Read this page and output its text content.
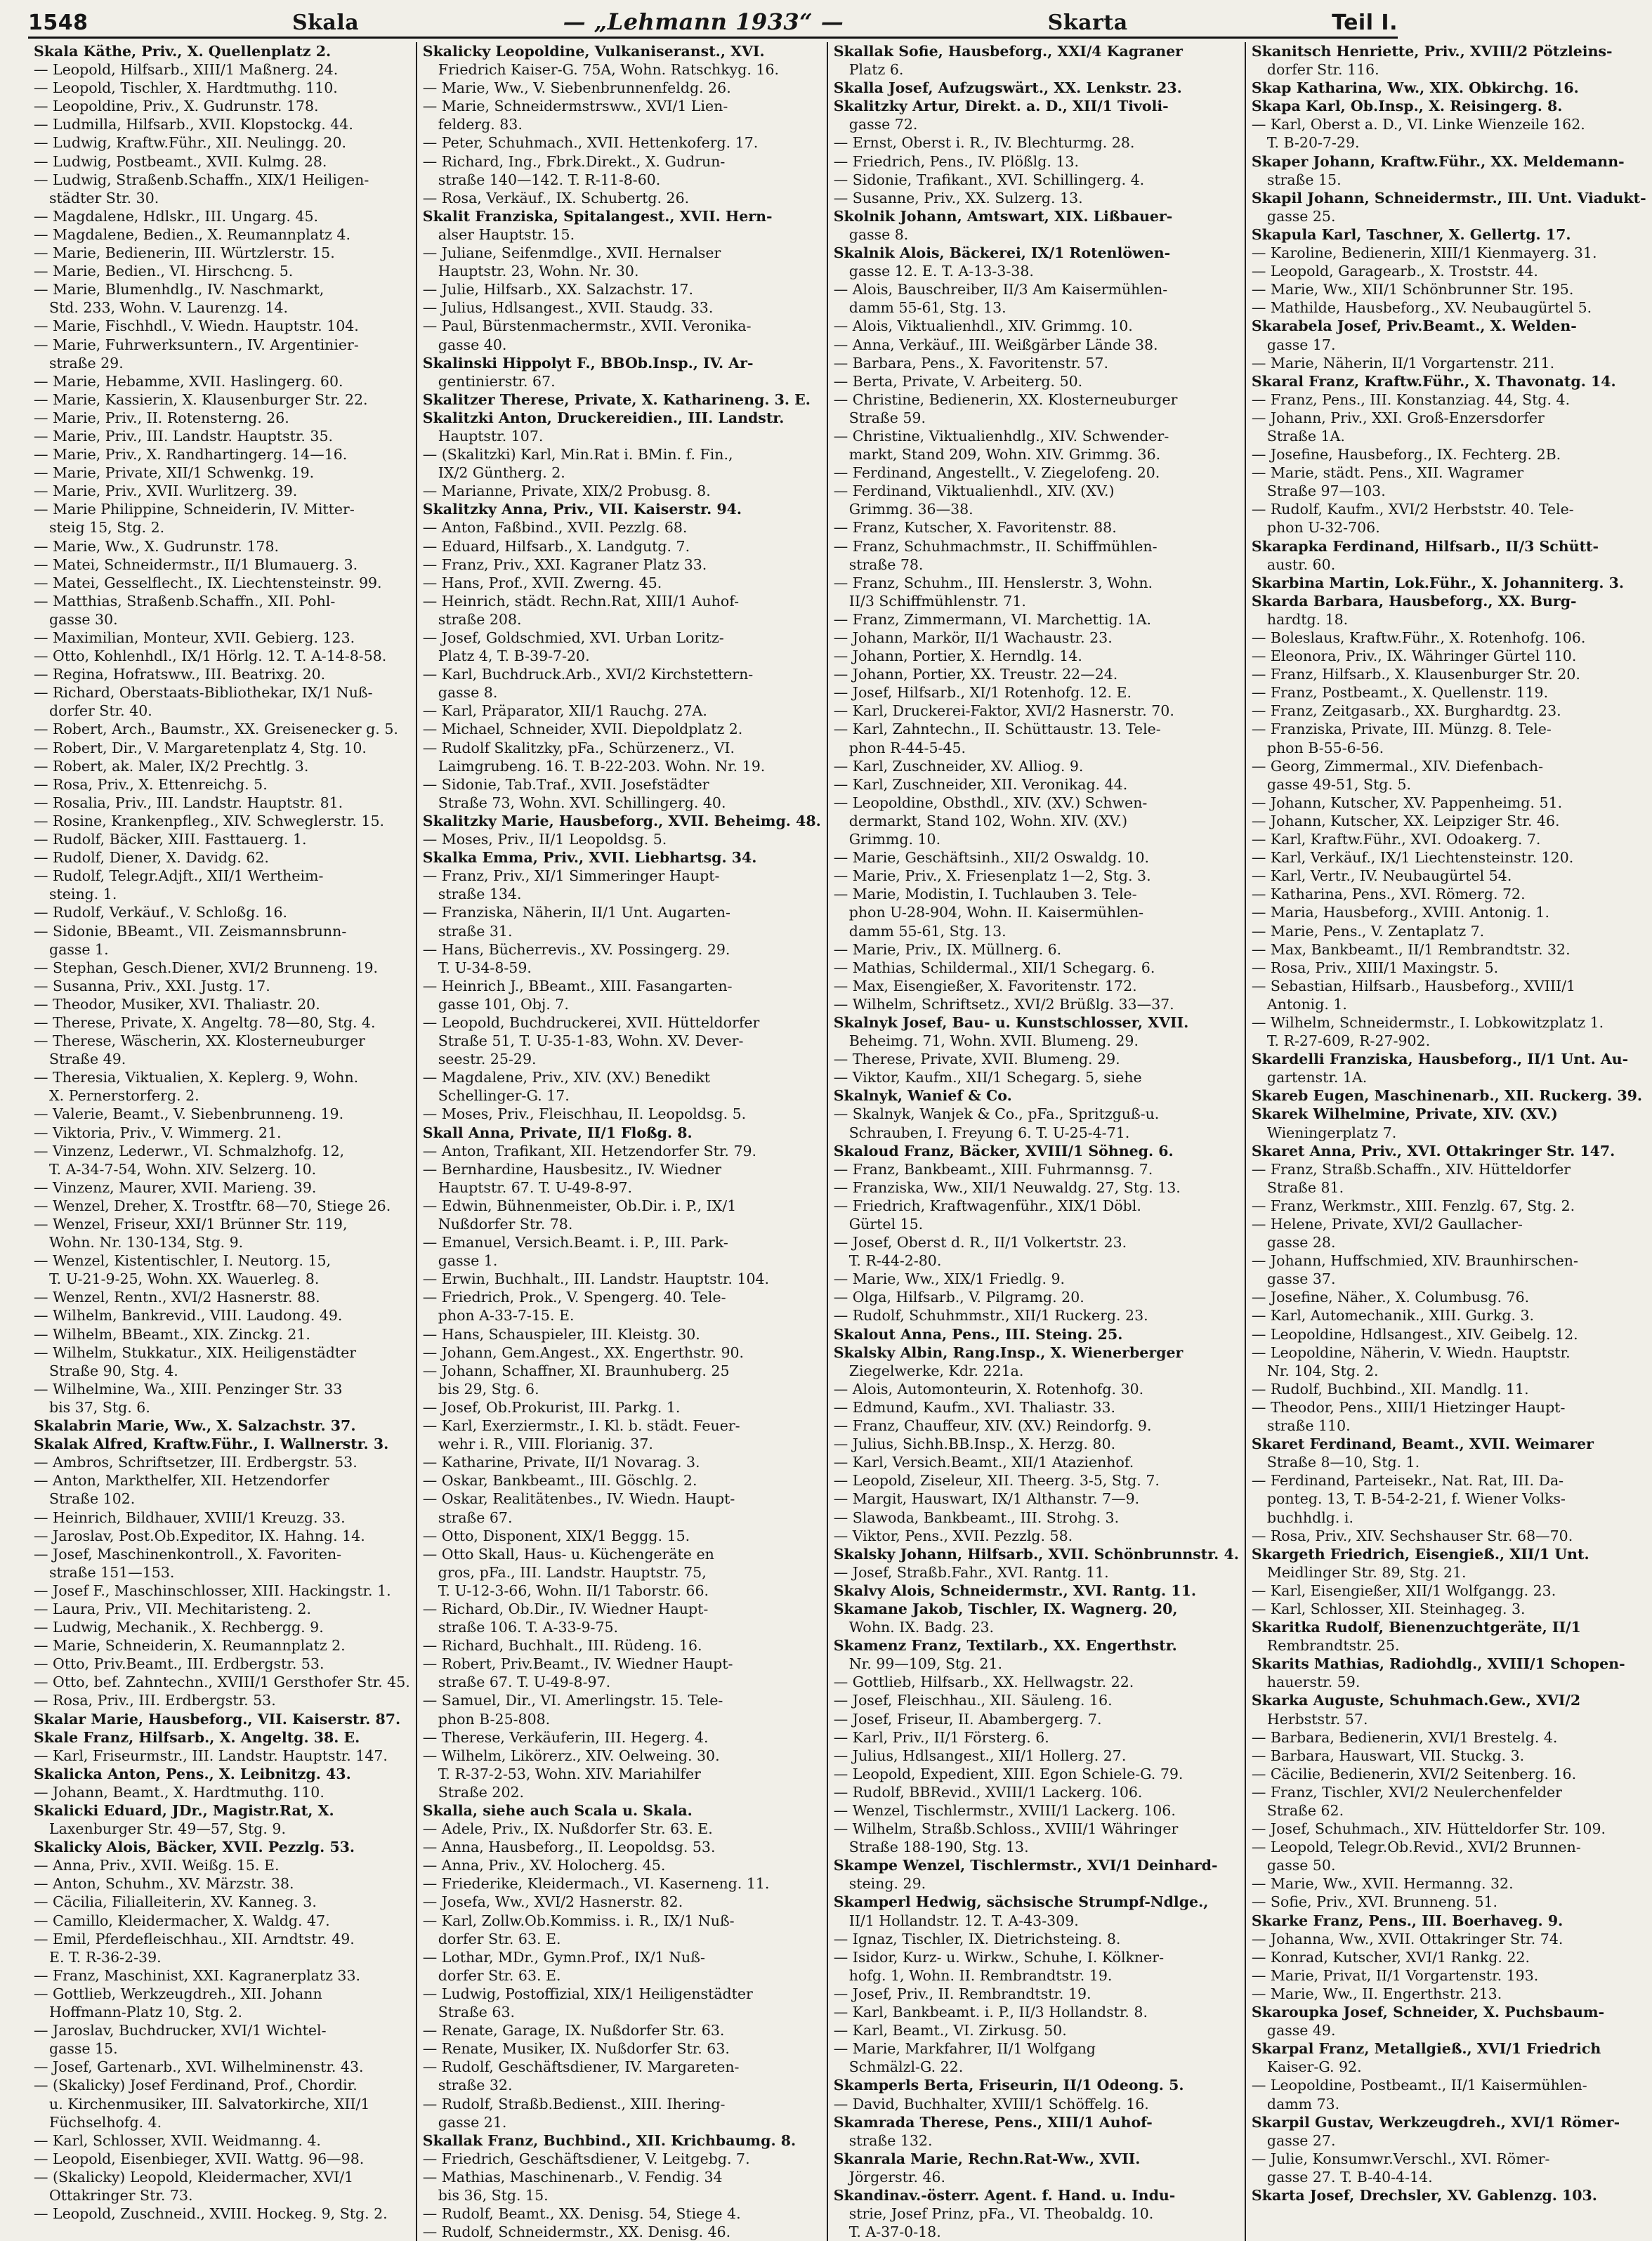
1548	Skala	— „Lehmann 1933“ —	Skarta	Teil I.
Skala Käthe, Priv., X. Quellenplatz 2.
— Leopold, Hilfsarb., XIII/1 Maßnerg. 24.
— Leopold, Tischler, X. Hardtmuthg. 110.
— Leopoldine, Priv., X. Gudrunstr. 178.
— Ludmilla, Hilfsarb., XVII. Klopstockg. 44.
— Ludwig, Kraftw.Führ., XII. Neulingg. 20.
— Ludwig, Postbeamt., XVII. Kulmg. 28.
— Ludwig, Straßenb.Schaffn., XIX/1 Heiligen-
städter Str. 30.
— Magdalene, Hdlskr., III. Ungarg. 45.
— Magdalene, Bedien., X. Reumannplatz 4.
— Marie, Bedienerin, III. Würtzlerstr. 15.
— Marie, Bedien., VI. Hirschcng. 5.
— Marie, Blumenhdlg., IV. Naschmarkt,
Std. 233, Wohn. V. Laurenzg. 14.
— Marie, Fischhdl., V. Wiedn. Hauptstr. 104.
— Marie, Fuhrwerksuntern., IV. Argentinier-
straße 29.
— Marie, Hebamme, XVII. Haslingerg. 60.
— Marie, Kassierin, X. Klausenburger Str. 22.
— Marie, Priv., II. Rotensterng. 26.
— Marie, Priv., III. Landstr. Hauptstr. 35.
— Marie, Priv., X. Randhartingerg. 14—16.
— Marie, Private, XII/1 Schwenkg. 19.
— Marie, Priv., XVII. Wurlitzerg. 39.
— Marie Philippine, Schneiderin, IV. Mitter-
steig 15, Stg. 2.
— Marie, Ww., X. Gudrunstr. 178.
— Matei, Schneidermstr., II/1 Blumauerg. 3.
— Matei, Gesselflecht., IX. Liechtensteinstr. 99.
— Matthias, Straßenb.Schaffn., XII. Pohl-
gasse 30.
— Maximilian, Monteur, XVII. Gebierg. 123.
— Otto, Kohlenhdl., IX/1 Hörlg. 12. T. A-14-8-58.
— Regina, Hofratsww., III. Beatrixg. 20.
— Richard, Oberstaats-Bibliothekar, IX/1 Nuß-
dorfer Str. 40.
— Robert, Arch., Baumstr., XX. Greisenecker g. 5.
— Robert, Dir., V. Margaretenplatz 4, Stg. 10.
— Robert, ak. Maler, IX/2 Prechtlg. 3.
— Rosa, Priv., X. Ettenreichg. 5.
— Rosalia, Priv., III. Landstr. Hauptstr. 81.
— Rosine, Krankenpfleg., XIV. Schweglerstr. 15.
— Rudolf, Bäcker, XIII. Fasttauerg. 1.
— Rudolf, Diener, X. Davidg. 62.
— Rudolf, Telegr.Adjft., XII/1 Wertheim-
steing. 1.
— Rudolf, Verkäuf., V. Schloßg. 16.
— Sidonie, BBeamt., VII. Zeismannsbrunn-
gasse 1.
— Stephan, Gesch.Diener, XVI/2 Brunneng. 19.
— Susanna, Priv., XXI. Justg. 17.
— Theodor, Musiker, XVI. Thaliastr. 20.
— Therese, Private, X. Angeltg. 78—80, Stg. 4.
— Therese, Wäscherin, XX. Klosterneuburger
Straße 49.
— Theresia, Viktualien, X. Keplerg. 9, Wohn.
X. Pernerstorferg. 2.
— Valerie, Beamt., V. Siebenbrunneng. 19.
— Viktoria, Priv., V. Wimmerg. 21.
— Vinzenz, Lederwr., VI. Schmalzhofg. 12,
T. A-34-7-54, Wohn. XIV. Selzerg. 10.
— Vinzenz, Maurer, XVII. Marieng. 39.
— Wenzel, Dreher, X. Trostftr. 68—70, Stiege 26.
— Wenzel, Friseur, XXI/1 Brünner Str. 119,
Wohn. Nr. 130-134, Stg. 9.
— Wenzel, Kistentischler, I. Neutorg. 15,
T. U-21-9-25, Wohn. XX. Wauerleg. 8.
— Wenzel, Rentn., XVI/2 Hasnerstr. 88.
— Wilhelm, Bankrevid., VIII. Laudong. 49.
— Wilhelm, BBeamt., XIX. Zinckg. 21.
— Wilhelm, Stukkatur., XIX. Heiligenstädter
Straße 90, Stg. 4.
— Wilhelmine, Wa., XIII. Penzinger Str. 33
bis 37, Stg. 6.
Skalabrin Marie, Ww., X. Salzachstr. 37.
Skalak Alfred, Kraftw.Führ., I. Wallnerstr. 3.
— Ambros, Schriftsetzer, III. Erdbergstr. 53.
— Anton, Markthelfer, XII. Hetzendorfer
Straße 102.
— Heinrich, Bildhauer, XVIII/1 Kreuzg. 33.
— Jaroslav, Post.Ob.Expeditor, IX. Hahng. 14.
— Josef, Maschinenkontroll., X. Favoriten-
straße 151—153.
— Josef F., Maschinschlosser, XIII. Hackingstr. 1.
— Laura, Priv., VII. Mechitaristeng. 2.
— Ludwig, Mechanik., X. Rechbergg. 9.
— Marie, Schneiderin, X. Reumannplatz 2.
— Otto, Priv.Beamt., III. Erdbergstr. 53.
— Otto, bef. Zahntechn., XVIII/1 Gersthofer Str. 45.
— Rosa, Priv., III. Erdbergstr. 53.
Skalar Marie, Hausbeforg., VII. Kaiserstr. 87.
Skale Franz, Hilfsarb., X. Angeltg. 38. E.
— Karl, Friseurmstr., III. Landstr. Hauptstr. 147.
Skalicka Anton, Pens., X. Leibnitzg. 43.
— Johann, Beamt., X. Hardtmuthg. 110.
Skalicki Eduard, JDr., Magistr.Rat, X.
Laxenburger Str. 49—57, Stg. 9.
Skalicky Alois, Bäcker, XVII. Pezzlg. 53.
— Anna, Priv., XVII. Weißg. 15. E.
— Anton, Schuhm., XV. Märzstr. 38.
— Cäcilia, Filialleiterin, XV. Kanneg. 3.
— Camillo, Kleidermacher, X. Waldg. 47.
— Emil, Pferdefleischhau., XII. Arndtstr. 49.
E. T. R-36-2-39.
— Franz, Maschinist, XXI. Kagranerplatz 33.
— Gottlieb, Werkzeugdreh., XII. Johann
Hoffmann-Platz 10, Stg. 2.
— Jaroslav, Buchdrucker, XVI/1 Wichtel-
gasse 15.
— Josef, Gartenarb., XVI. Wilhelminenstr. 43.
— (Skalicky) Josef Ferdinand, Prof., Chordir.
u. Kirchenmusiker, III. Salvatorkirche, XII/1
Füchselhofg. 4.
— Karl, Schlosser, XVII. Weidmanng. 4.
— Leopold, Eisenbieger, XVII. Wattg. 96—98.
— (Skalicky) Leopold, Kleidermacher, XVI/1
Ottakringer Str. 73.
— Leopold, Zuschneid., XVIII. Hockeg. 9, Stg. 2.
Skalicky Leopoldine, Vulkaniseranst., XVI.
Friedrich Kaiser-G. 75A, Wohn. Ratschkyg. 16.
— Marie, Ww., V. Siebenbrunnenfeldg. 26.
— Marie, Schneidermstrsww., XVI/1 Lien-
felderg. 83.
— Peter, Schuhmach., XVII. Hettenkoferg. 17.
— Richard, Ing., Fbrk.Direkt., X. Gudrun-
straße 140—142. T. R-11-8-60.
— Rosa, Verkäuf., IX. Schubertg. 26.
Skalit Franziska, Spitalangest., XVII. Hern-
alser Hauptstr. 15.
— Juliane, Seifenmdlge., XVII. Hernalser
Hauptstr. 23, Wohn. Nr. 30.
— Julie, Hilfsarb., XX. Salzachstr. 17.
— Julius, Hdlsangest., XVII. Staudg. 33.
— Paul, Bürstenmachermstr., XVII. Veronika-
gasse 40.
Skalinski Hippolyt F., BBOb.Insp., IV. Ar-
gentinierstr. 67.
Skalitzer Therese, Private, X. Katharineng. 3. E.
Skalitzki Anton, Druckereidien., III. Landstr.
Hauptstr. 107.
— (Skalitzki) Karl, Min.Rat i. BMin. f. Fin.,
IX/2 Güntherg. 2.
— Marianne, Private, XIX/2 Probusg. 8.
Skalitzky Anna, Priv., VII. Kaiserstr. 94.
— Anton, Faßbind., XVII. Pezzlg. 68.
— Eduard, Hilfsarb., X. Landgutg. 7.
— Franz, Priv., XXI. Kagraner Platz 33.
— Hans, Prof., XVII. Zwerng. 45.
— Heinrich, städt. Rechn.Rat, XIII/1 Auhof-
straße 208.
— Josef, Goldschmied, XVI. Urban Loritz-
Platz 4, T. B-39-7-20.
— Karl, Buchdruck.Arb., XVI/2 Kirchstettern-
gasse 8.
— Karl, Präparator, XII/1 Rauchg. 27A.
— Michael, Schneider, XVII. Diepoldplatz 2.
— Rudolf Skalitzky, pFa., Schürzenerz., VI.
Laimgrubeng. 16. T. B-22-203. Wohn. Nr. 19.
— Sidonie, Tab.Traf., XVII. Josefstädter
Straße 73, Wohn. XVI. Schillingerg. 40.
Skalitzky Marie, Hausbeforg., XVII. Beheimg. 48.
— Moses, Priv., II/1 Leopoldsg. 5.
Skalka Emma, Priv., XVII. Liebhartsg. 34.
— Franz, Priv., XI/1 Simmeringer Haupt-
straße 134.
— Franziska, Näherin, II/1 Unt. Augarten-
straße 31.
— Hans, Bücherrevis., XV. Possingerg. 29.
T. U-34-8-59.
— Heinrich J., BBeamt., XIII. Fasangarten-
gasse 101, Obj. 7.
— Leopold, Buchdruckerei, XVII. Hütteldorfer
Straße 51, T. U-35-1-83, Wohn. XV. Dever-
seestr. 25-29.
— Magdalene, Priv., XIV. (XV.) Benedikt
Schellinger-G. 17.
— Moses, Priv., Fleischhau, II. Leopoldsg. 5.
Skall Anna, Private, II/1 Floßg. 8.
— Anton, Trafikant, XII. Hetzendorfer Str. 79.
— Bernhardine, Hausbesitz., IV. Wiedner
Hauptstr. 67. T. U-49-8-97.
— Edwin, Bühnenmeister, Ob.Dir. i. P., IX/1
Nußdorfer Str. 78.
— Emanuel, Versich.Beamt. i. P., III. Park-
gasse 1.
— Erwin, Buchhalt., III. Landstr. Hauptstr. 104.
— Friedrich, Prok., V. Spengerg. 40. Tele-
phon A-33-7-15. E.
— Hans, Schauspieler, III. Kleistg. 30.
— Johann, Gem.Angest., XX. Engerthstr. 90.
— Johann, Schaffner, XI. Braunhuberg. 25
bis 29, Stg. 6.
— Josef, Ob.Prokurist, III. Parkg. 1.
— Karl, Exerziermstr., I. Kl. b. städt. Feuer-
wehr i. R., VIII. Florianig. 37.
— Katharine, Private, II/1 Novarag. 3.
— Oskar, Bankbeamt., III. Göschlg. 2.
— Oskar, Realitätenbes., IV. Wiedn. Haupt-
straße 67.
— Otto, Disponent, XIX/1 Beggg. 15.
— Otto Skall, Haus- u. Küchengeräte en
gros, pFa., III. Landstr. Hauptstr. 75,
T. U-12-3-66, Wohn. II/1 Taborstr. 66.
— Richard, Ob.Dir., IV. Wiedner Haupt-
straße 106. T. A-33-9-75.
— Richard, Buchhalt., III. Rüdeng. 16.
— Robert, Priv.Beamt., IV. Wiedner Haupt-
straße 67. T. U-49-8-97.
— Samuel, Dir., VI. Amerlingstr. 15. Tele-
phon B-25-808.
— Therese, Verkäuferin, III. Hegerg. 4.
— Wilhelm, Likörerz., XIV. Oelweing. 30.
T. R-37-2-53, Wohn. XIV. Mariahilfer
Straße 202.
Skalla, siehe auch Scala u. Skala.
— Adele, Priv., IX. Nußdorfer Str. 63. E.
— Anna, Hausbeforg., II. Leopoldsg. 53.
— Anna, Priv., XV. Holocherg. 45.
— Friederike, Kleidermach., VI. Kaserneng. 11.
— Josefa, Ww., XVI/2 Hasnerstr. 82.
— Karl, Zollw.Ob.Kommiss. i. R., IX/1 Nuß-
dorfer Str. 63. E.
— Lothar, MDr., Gymn.Prof., IX/1 Nuß-
dorfer Str. 63. E.
— Ludwig, Postoffizial, XIX/1 Heiligenstädter
Straße 63.
— Renate, Garage, IX. Nußdorfer Str. 63.
— Renate, Musiker, IX. Nußdorfer Str. 63.
— Rudolf, Geschäftsdiener, IV. Margareten-
straße 32.
— Rudolf, Straßb.Bedienst., XIII. Ihering-
gasse 21.
Skallak Franz, Buchbind., XII. Krichbaumg. 8.
— Friedrich, Geschäftsdiener, V. Leitgebg. 7.
— Mathias, Maschinenarb., V. Fendig. 34
bis 36, Stg. 15.
— Rudolf, Beamt., XX. Denisg. 54, Stiege 4.
— Rudolf, Schneidermstr., XX. Denisg. 46.
Skallak Sofie, Hausbeforg., XXI/4 Kagraner
Platz 6.
Skalla Josef, Aufzugswärt., XX. Lenkstr. 23.
Skalitzky Artur, Direkt. a. D., XII/1 Tivoli-
gasse 72.
— Ernst, Oberst i. R., IV. Blechturmg. 28.
— Friedrich, Pens., IV. Plößlg. 13.
— Sidonie, Trafikant., XVI. Schillingerg. 4.
— Susanne, Priv., XX. Sulzerg. 13.
Skolnik Johann, Amtswart, XIX. Lißbauer-
gasse 8.
Skalnik Alois, Bäckerei, IX/1 Rotenlöwen-
gasse 12. E. T. A-13-3-38.
— Alois, Bauschreiber, II/3 Am Kaisermühlen-
damm 55-61, Stg. 13.
— Alois, Viktualienhdl., XIV. Grimmg. 10.
— Anna, Verkäuf., III. Weißgärber Lände 38.
— Barbara, Pens., X. Favoritenstr. 57.
— Berta, Private, V. Arbeiterg. 50.
— Christine, Bedienerin, XX. Klosterneuburger
Straße 59.
— Christine, Viktualienhdlg., XIV. Schwender-
markt, Stand 209, Wohn. XIV. Grimmg. 36.
— Ferdinand, Angestellt., V. Ziegelofeng. 20.
— Ferdinand, Viktualienhdl., XIV. (XV.)
Grimmg. 36—38.
— Franz, Kutscher, X. Favoritenstr. 88.
— Franz, Schuhmachmstr., II. Schiffmühlen-
straße 78.
— Franz, Schuhm., III. Henslerstr. 3, Wohn.
II/3 Schiffmühlenstr. 71.
— Franz, Zimmermann, VI. Marchettig. 1A.
— Johann, Markör, II/1 Wachaustr. 23.
— Johann, Portier, X. Herndlg. 14.
— Johann, Portier, XX. Treustr. 22—24.
— Josef, Hilfsarb., XI/1 Rotenhofg. 12. E.
— Karl, Druckerei-Faktor, XVI/2 Hasnerstr. 70.
— Karl, Zahntechn., II. Schüttaustr. 13. Tele-
phon R-44-5-45.
— Karl, Zuschneider, XV. Alliog. 9.
— Karl, Zuschneider, XII. Veronikag. 44.
— Leopoldine, Obsthdl., XIV. (XV.) Schwen-
dermarkt, Stand 102, Wohn. XIV. (XV.)
Grimmg. 10.
— Marie, Geschäftsinh., XII/2 Oswaldg. 10.
— Marie, Priv., X. Friesenplatz 1—2, Stg. 3.
— Marie, Modistin, I. Tuchlauben 3. Tele-
phon U-28-904, Wohn. II. Kaisermühlen-
damm 55-61, Stg. 13.
— Marie, Priv., IX. Müllnerg. 6.
— Mathias, Schildermal., XII/1 Schegarg. 6.
— Max, Eisengießer, X. Favoritenstr. 172.
— Wilhelm, Schriftsetz., XVI/2 Brüßlg. 33—37.
Skalnyk Josef, Bau- u. Kunstschlosser, XVII.
Beheimg. 71, Wohn. XVII. Blumeng. 29.
— Therese, Private, XVII. Blumeng. 29.
— Viktor, Kaufm., XII/1 Schegarg. 5, siehe
Skalnyk, Wanief & Co.
— Skalnyk, Wanjek & Co., pFa., Spritzguß-u.
Schrauben, I. Freyung 6. T. U-25-4-71.
Skaloud Franz, Bäcker, XVIII/1 Söhneg. 6.
— Franz, Bankbeamt., XIII. Fuhrmannsg. 7.
— Franziska, Ww., XII/1 Neuwaldg. 27, Stg. 13.
— Friedrich, Kraftwagenführ., XIX/1 Döbl.
Gürtel 15.
— Josef, Oberst d. R., II/1 Volkertstr. 23.
T. R-44-2-80.
— Marie, Ww., XIX/1 Friedlg. 9.
— Olga, Hilfsarb., V. Pilgramg. 20.
— Rudolf, Schuhmmstr., XII/1 Ruckerg. 23.
Skalout Anna, Pens., III. Steing. 25.
Skalsky Albin, Rang.Insp., X. Wienerberger
Ziegelwerke, Kdr. 221a.
— Alois, Automonteurin, X. Rotenhofg. 30.
— Edmund, Kaufm., XVI. Thaliastr. 33.
— Franz, Chauffeur, XIV. (XV.) Reindorfg. 9.
— Julius, Sichh.BB.Insp., X. Herzg. 80.
— Karl, Versich.Beamt., XII/1 Atazienhof.
— Leopold, Ziseleur, XII. Theerg. 3-5, Stg. 7.
— Margit, Hauswart, IX/1 Althanstr. 7—9.
— Slawoda, Bankbeamt., III. Strohg. 3.
— Viktor, Pens., XVII. Pezzlg. 58.
Skalsky Johann, Hilfsarb., XVII. Schönbrunnstr. 4.
— Josef, Straßb.Fahr., XVI. Rantg. 11.
Skalvy Alois, Schneidermstr., XVI. Rantg. 11.
Skamane Jakob, Tischler, IX. Wagnerg. 20,
Wohn. IX. Badg. 23.
Skamenz Franz, Textilarb., XX. Engerthstr.
Nr. 99—109, Stg. 21.
— Gottlieb, Hilfsarb., XX. Hellwagstr. 22.
— Josef, Fleischhau., XII. Säuleng. 16.
— Josef, Friseur, II. Abambergerg. 7.
— Karl, Priv., II/1 Försterg. 6.
— Julius, Hdlsangest., XII/1 Hollerg. 27.
— Leopold, Expedient, XIII. Egon Schiele-G. 79.
— Rudolf, BBRevid., XVIII/1 Lackerg. 106.
— Wenzel, Tischlermstr., XVIII/1 Lackerg. 106.
— Wilhelm, Straßb.Schloss., XVIII/1 Währinger
Straße 188-190, Stg. 13.
Skampe Wenzel, Tischlermstr., XVI/1 Deinhard-
steing. 29.
Skamperl Hedwig, sächsische Strumpf-Ndlge.,
II/1 Hollandstr. 12. T. A-43-309.
— Ignaz, Tischler, IX. Dietrichsteing. 8.
— Isidor, Kurz- u. Wirkw., Schuhe, I. Kölkner-
hofg. 1, Wohn. II. Rembrandtstr. 19.
— Josef, Priv., II. Rembrandtstr. 19.
— Karl, Bankbeamt. i. P., II/3 Hollandstr. 8.
— Karl, Beamt., VI. Zirkusg. 50.
— Marie, Markfahrer, II/1 Wolfgang
Schmälzl-G. 22.
Skamperls Berta, Friseurin, II/1 Odeong. 5.
— David, Buchhalter, XVIII/1 Schöffelg. 16.
Skamrada Therese, Pens., XIII/1 Auhof-
straße 132.
Skanrala Marie, Rechn.Rat-Ww., XVII.
Jörgerstr. 46.
Skandinav.-österr. Agent. f. Hand. u. Indu-
strie, Josef Prinz, pFa., VI. Theobaldg. 10.
T. A-37-0-18.
Skanitsch Henriette, Priv., XVIII/2 Pötzleins-
dorfer Str. 116.
Skap Katharina, Ww., XIX. Obkirchg. 16.
Skapa Karl, Ob.Insp., X. Reisingerg. 8.
— Karl, Oberst a. D., VI. Linke Wienzeile 162.
T. B-20-7-29.
Skaper Johann, Kraftw.Führ., XX. Meldemann-
straße 15.
Skapil Johann, Schneidermstr., III. Unt. Viadukt-
gasse 25.
Skapula Karl, Taschner, X. Gellertg. 17.
— Karoline, Bedienerin, XIII/1 Kienmayerg. 31.
— Leopold, Garagearb., X. Troststr. 44.
— Marie, Ww., XII/1 Schönbrunner Str. 195.
— Mathilde, Hausbeforg., XV. Neubaugürtel 5.
Skarabela Josef, Priv.Beamt., X. Welden-
gasse 17.
— Marie, Näherin, II/1 Vorgartenstr. 211.
Skaral Franz, Kraftw.Führ., X. Thavonatg. 14.
— Franz, Pens., III. Konstanziag. 44, Stg. 4.
— Johann, Priv., XXI. Groß-Enzersdorfer
Straße 1A.
— Josefine, Hausbeforg., IX. Fechterg. 2B.
— Marie, städt. Pens., XII. Wagramer
Straße 97—103.
— Rudolf, Kaufm., XVI/2 Herbststr. 40. Tele-
phon U-32-706.
Skarapka Ferdinand, Hilfsarb., II/3 Schütt-
austr. 60.
Skarbina Martin, Lok.Führ., X. Johanniterg. 3.
Skarda Barbara, Hausbeforg., XX. Burg-
hardtg. 18.
— Boleslaus, Kraftw.Führ., X. Rotenhofg. 106.
— Eleonora, Priv., IX. Währinger Gürtel 110.
— Franz, Hilfsarb., X. Klausenburger Str. 20.
— Franz, Postbeamt., X. Quellenstr. 119.
— Franz, Zeitgasarb., XX. Burghardtg. 23.
— Franziska, Private, III. Münzg. 8. Tele-
phon B-55-6-56.
— Georg, Zimmermal., XIV. Diefenbach-
gasse 49-51, Stg. 5.
— Johann, Kutscher, XV. Pappenheimg. 51.
— Johann, Kutscher, XX. Leipziger Str. 46.
— Karl, Kraftw.Führ., XVI. Odoakerg. 7.
— Karl, Verkäuf., IX/1 Liechtensteinstr. 120.
— Karl, Vertr., IV. Neubaugürtel 54.
— Katharina, Pens., XVI. Römerg. 72.
— Maria, Hausbeforg., XVIII. Antonig. 1.
— Marie, Pens., V. Zentaplatz 7.
— Max, Bankbeamt., II/1 Rembrandtstr. 32.
— Rosa, Priv., XIII/1 Maxingstr. 5.
— Sebastian, Hilfsarb., Hausbeforg., XVIII/1
Antonig. 1.
— Wilhelm, Schneidermstr., I. Lobkowitzplatz 1.
T. R-27-609, R-27-902.
Skardelli Franziska, Hausbeforg., II/1 Unt. Au-
gartenstr. 1A.
Skareb Eugen, Maschinenarb., XII. Ruckerg. 39.
Skarek Wilhelmine, Private, XIV. (XV.)
Wieningerplatz 7.
Skaret Anna, Priv., XVI. Ottakringer Str. 147.
— Franz, Straßb.Schaffn., XIV. Hütteldorfer
Straße 81.
— Franz, Werkmstr., XIII. Fenzlg. 67, Stg. 2.
— Helene, Private, XVI/2 Gaullacher-
gasse 28.
— Johann, Huffschmied, XIV. Braunhirschen-
gasse 37.
— Josefine, Näher., X. Columbusg. 76.
— Karl, Automechanik., XIII. Gurkg. 3.
— Leopoldine, Hdlsangest., XIV. Geibelg. 12.
— Leopoldine, Näherin, V. Wiedn. Hauptstr.
Nr. 104, Stg. 2.
— Rudolf, Buchbind., XII. Mandlg. 11.
— Theodor, Pens., XIII/1 Hietzinger Haupt-
straße 110.
Skaret Ferdinand, Beamt., XVII. Weimarer
Straße 8—10, Stg. 1.
— Ferdinand, Parteisekr., Nat. Rat, III. Da-
ponteg. 13, T. B-54-2-21, f. Wiener Volks-
buchhdlg. i.
— Rosa, Priv., XIV. Sechshauser Str. 68—70.
Skargeth Friedrich, Eisengieß., XII/1 Unt.
Meidlinger Str. 89, Stg. 21.
— Karl, Eisengießer, XII/1 Wolfgangg. 23.
— Karl, Schlosser, XII. Steinhageg. 3.
Skaritka Rudolf, Bienenzuchtgeräte, II/1
Rembrandtstr. 25.
Skarits Mathias, Radiohdlg., XVIII/1 Schopen-
hauerstr. 59.
Skarka Auguste, Schuhmach.Gew., XVI/2
Herbststr. 57.
— Barbara, Bedienerin, XVI/1 Brestelg. 4.
— Barbara, Hauswart, VII. Stuckg. 3.
— Cäcilie, Bedienerin, XVI/2 Seitenberg. 16.
— Franz, Tischler, XVI/2 Neulerchenfelder
Straße 62.
— Josef, Schuhmach., XIV. Hütteldorfer Str. 109.
— Leopold, Telegr.Ob.Revid., XVI/2 Brunnen-
gasse 50.
— Marie, Ww., XVII. Hermanng. 32.
— Sofie, Priv., XVI. Brunneng. 51.
Skarke Franz, Pens., III. Boerhaveg. 9.
— Johanna, Ww., XVII. Ottakringer Str. 74.
— Konrad, Kutscher, XVI/1 Rankg. 22.
— Marie, Privat, II/1 Vorgartenstr. 193.
— Marie, Ww., II. Engerthstr. 213.
Skaroupka Josef, Schneider, X. Puchsbaum-
gasse 49.
Skarpal Franz, Metallgieß., XVI/1 Friedrich
Kaiser-G. 92.
— Leopoldine, Postbeamt., II/1 Kaisermühlen-
damm 73.
Skarpil Gustav, Werkzeugdreh., XVI/1 Römer-
gasse 27.
— Julie, Konsumwr.Verschl., XVI. Römer-
gasse 27. T. B-40-4-14.
Skarta Josef, Drechsler, XV. Gablenzg. 103.
